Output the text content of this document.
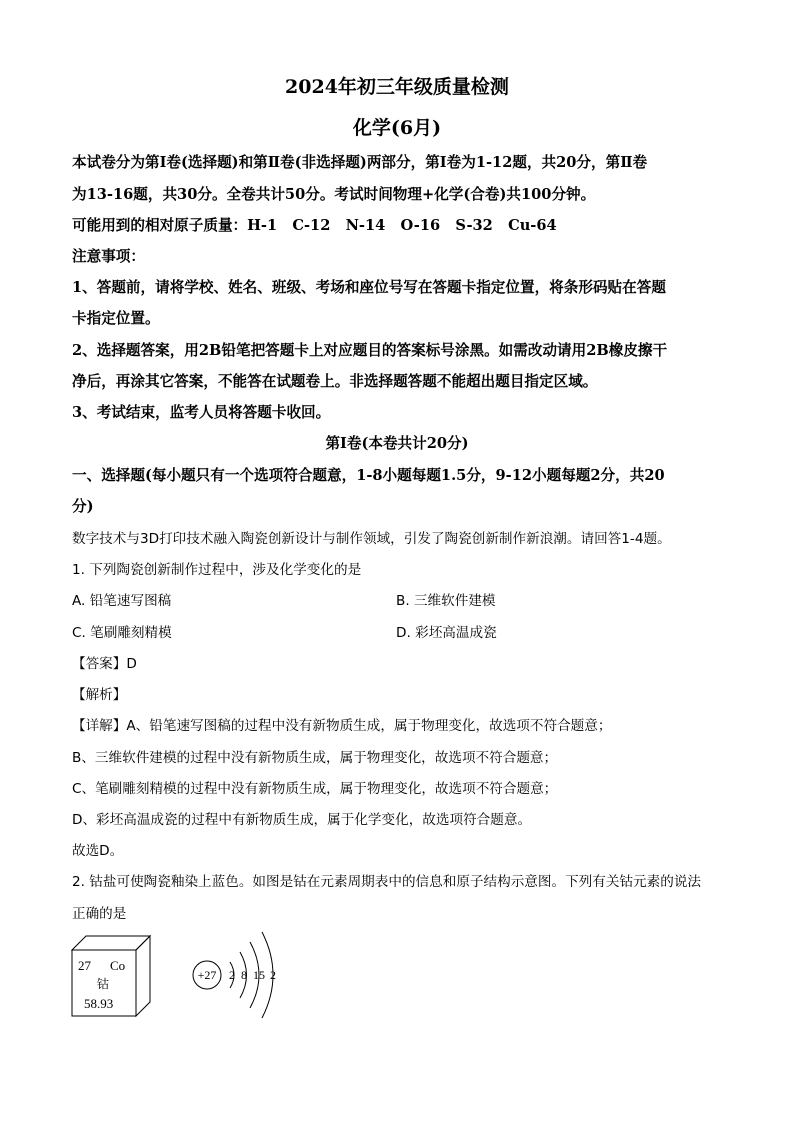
2024年初三年级质量检测
化学(6月)
本试卷分为第Ⅰ卷(选择题)和第Ⅱ卷(非选择题)两部分，第Ⅰ卷为1-12题，共20分，第Ⅱ卷
为13-16题，共30分。全卷共计50分。考试时间物理+化学(合卷)共100分钟。
可能用到的相对原子质量：H-1   C-12   N-14   O-16   S-32   Cu-64
注意事项：
1、答题前，请将学校、姓名、班级、考场和座位号写在答题卡指定位置，将条形码贴在答题
卡指定位置。
2、选择题答案，用2B铅笔把答题卡上对应题目的答案标号涂黑。如需改动请用2B橡皮擦干
净后，再涂其它答案，不能答在试题卷上。非选择题答题不能超出题目指定区域。
3、考试结束，监考人员将答题卡收回。
第Ⅰ卷(本卷共计20分)
一、选择题(每小题只有一个选项符合题意，1-8小题每题1.5分，9-12小题每题2分，共20
分)
数字技术与3D打印技术融入陶瓷创新设计与制作领域，引发了陶瓷创新制作新浪潮。请回答1-4题。
1. 下列陶瓷创新制作过程中，涉及化学变化的是
A. 铅笔速写图稿	B. 三维软件建模
C. 笔刷雕刻精模	D. 彩坯高温成瓷
【答案】D
【解析】
【详解】A、铅笔速写图稿的过程中没有新物质生成，属于物理变化，故选项不符合题意；
B、三维软件建模的过程中没有新物质生成，属于物理变化，故选项不符合题意；
C、笔刷雕刻精模的过程中没有新物质生成，属于物理变化，故选项不符合题意；
D、彩坯高温成瓷的过程中有新物质生成，属于化学变化，故选项符合题意。
故选D。
2. 钴盐可使陶瓷釉染上蓝色。如图是钴在元素周期表中的信息和原子结构示意图。下列有关钴元素的说法
正确的是
27 Co
钴
58.93
+27 2 8 15 2
